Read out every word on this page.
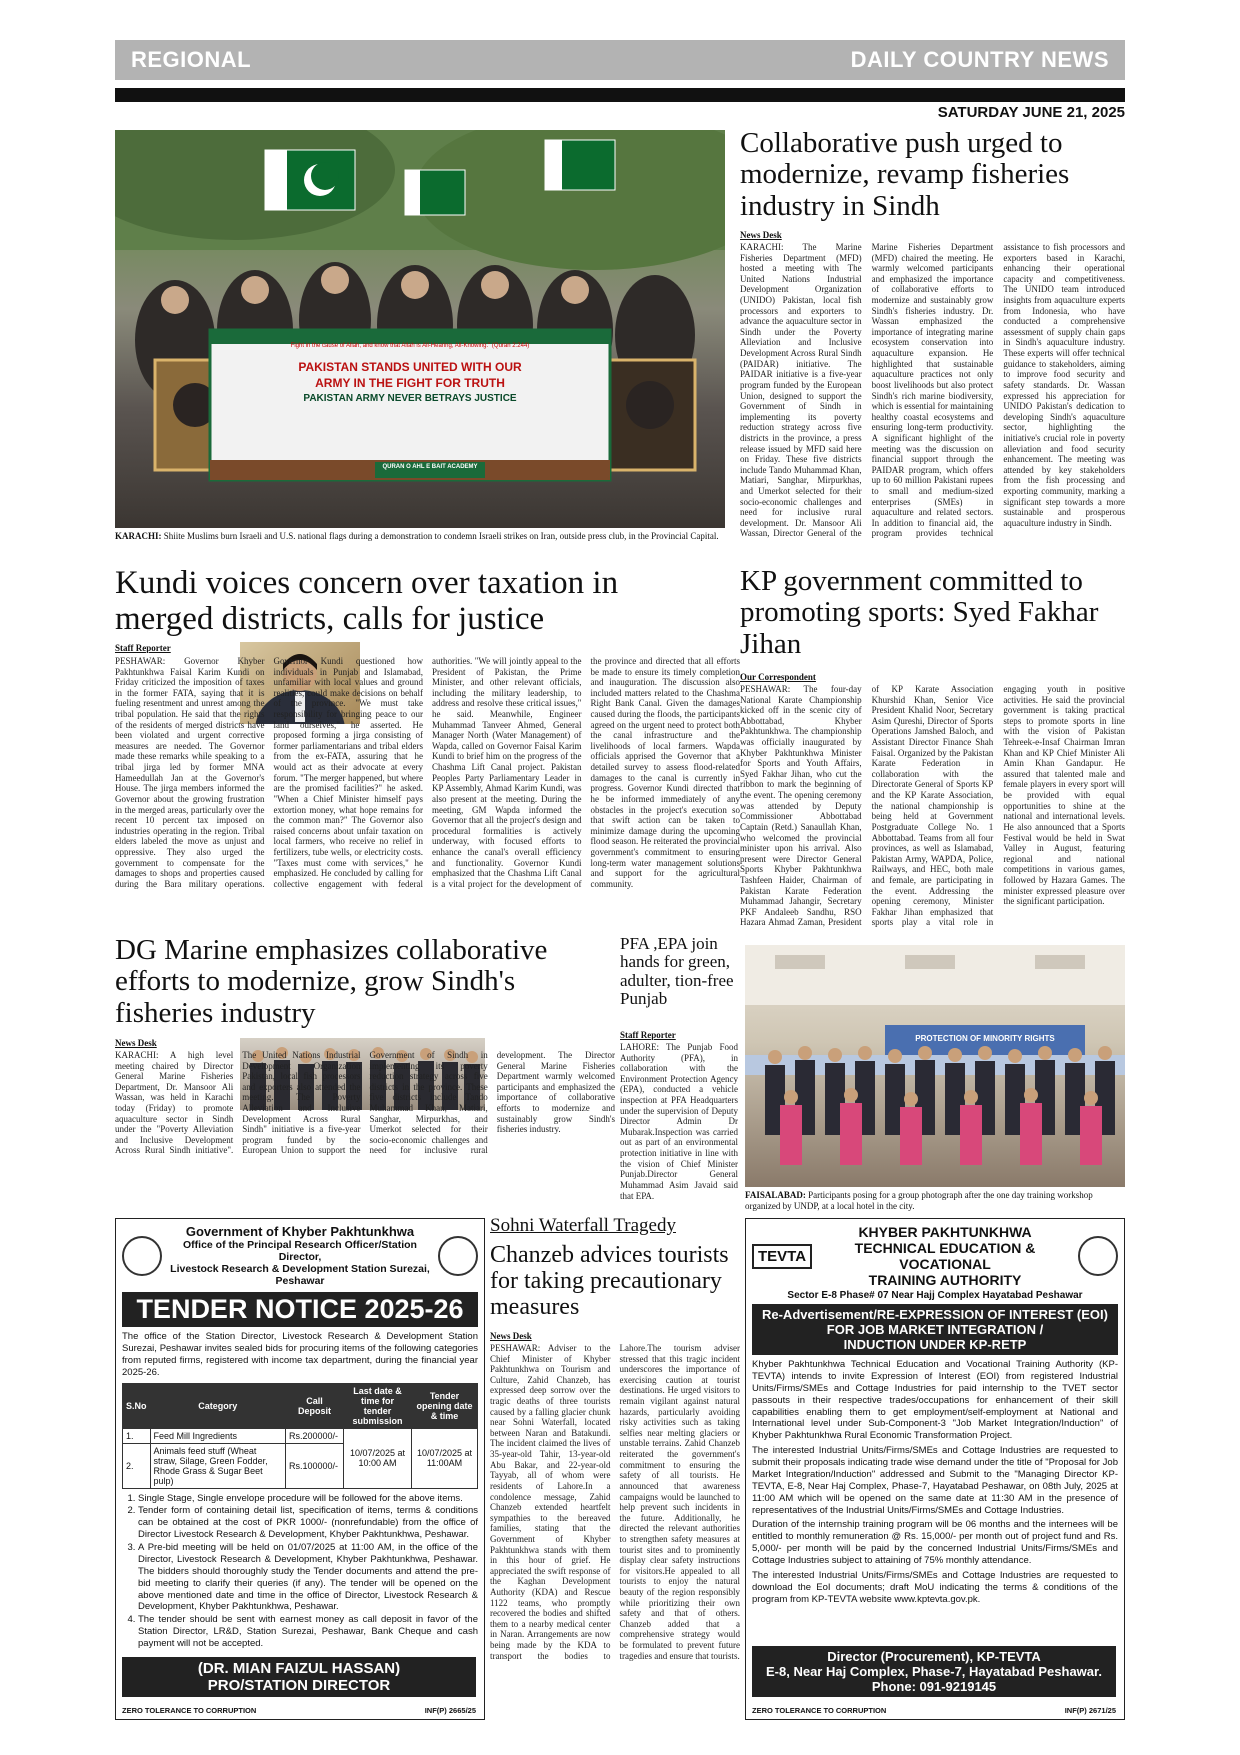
REGIONAL	DAILY COUNTRY NEWS
SATURDAY JUNE 21, 2025
Fight in the cause of Allah, and know that Allah is All-Hearing, All-Knowing." (Quran 2:244)
PAKISTAN STANDS UNITED WITH OUR
ARMY IN THE FIGHT FOR TRUTH
PAKISTAN ARMY NEVER BETRAYS JUSTICE
QURAN O AHL E BAIT ACADEMY
KARACHI: Shiite Muslims burn Israeli and U.S. national flags during a demonstration to condemn Israeli strikes on Iran, outside press club, in the Provincial Capital.
Collaborative push urged to modernize, revamp fisheries industry in Sindh
News Desk
KARACHI: The Marine Fisheries Department (MFD) hosted a meeting with The United Nations Industrial Development Organization (UNIDO) Pakistan, local fish processors and exporters to advance the aquaculture sector in Sindh under the Poverty Alleviation and Inclusive Development Across Rural Sindh (PAIDAR) initiative. The PAIDAR initiative is a five-year program funded by the European Union, designed to support the Government of Sindh in implementing its poverty reduction strategy across five districts in the province, a press release issued by MFD said here on Friday. These five districts include Tando Muhammad Khan, Matiari, Sanghar, Mirpurkhas, and Umerkot selected for their socio-economic challenges and need for inclusive rural development. Dr. Mansoor Ali Wassan, Director General of the Marine Fisheries Department (MFD) chaired the meeting. He warmly welcomed participants and emphasized the importance of collaborative efforts to modernize and sustainably grow Sindh's fisheries industry. Dr. Wassan emphasized the importance of integrating marine ecosystem conservation into aquaculture expansion. He highlighted that sustainable aquaculture practices not only boost livelihoods but also protect Sindh's rich marine biodiversity, which is essential for maintaining healthy coastal ecosystems and ensuring long-term productivity. A significant highlight of the meeting was the discussion on financial support through the PAIDAR program, which offers up to 60 million Pakistani rupees to small and medium-sized enterprises (SMEs) in aquaculture and related sectors. In addition to financial aid, the program provides technical assistance to fish processors and exporters based in Karachi, enhancing their operational capacity and competitiveness. The UNIDO team introduced insights from aquaculture experts from Indonesia, who have conducted a comprehensive assessment of supply chain gaps in Sindh's aquaculture industry. These experts will offer technical guidance to stakeholders, aiming to improve food security and safety standards. Dr. Wassan expressed his appreciation for UNIDO Pakistan's dedication to developing Sindh's aquaculture sector, highlighting the initiative's crucial role in poverty alleviation and food security enhancement. The meeting was attended by key stakeholders from the fish processing and exporting community, marking a significant step towards a more sustainable and prosperous aquaculture industry in Sindh.
Kundi voices concern over taxation in merged districts, calls for justice
Staff Reporter
PESHAWAR: Governor Khyber Pakhtunkhwa Faisal Karim Kundi on Friday criticized the imposition of taxes in the former FATA, saying that it is fueling resentment and unrest among the tribal population. He said that the rights of the residents of merged districts have been violated and urgent corrective measures are needed. The Governor made these remarks while speaking to a tribal jirga led by former MNA Hameedullah Jan at the Governor's House. The jirga members informed the Governor about the growing frustration in the merged areas, particularly over the recent 10 percent tax imposed on industries operating in the region. Tribal elders labeled the move as unjust and oppressive. They also urged the government to compensate for the damages to shops and properties caused during the Bara military operations. Governor Kundi questioned how individuals in Punjab and Islamabad, unfamiliar with local values and ground realities, could make decisions on behalf of the province. "We must take responsibility for bringing peace to our land ourselves," he asserted. He proposed forming a jirga consisting of former parliamentarians and tribal elders from the ex-FATA, assuring that he would act as their advocate at every forum. "The merger happened, but where are the promised facilities?" he asked. "When a Chief Minister himself pays extortion money, what hope remains for the common man?" The Governor also raised concerns about unfair taxation on local farmers, who receive no relief in fertilizers, tube wells, or electricity costs. "Taxes must come with services," he emphasized. He concluded by calling for collective engagement with federal authorities. "We will jointly appeal to the President of Pakistan, the Prime Minister, and other relevant officials, including the military leadership, to address and resolve these critical issues," he said. Meanwhile, Engineer Muhammad Tanveer Ahmed, General Manager North (Water Management) of Wapda, called on Governor Faisal Karim Kundi to brief him on the progress of the Chashma Lift Canal project. Pakistan Peoples Party Parliamentary Leader in KP Assembly, Ahmad Karim Kundi, was also present at the meeting. During the meeting, GM Wapda informed the Governor that all the project's design and procedural formalities is actively underway, with focused efforts to enhance the canal's overall efficiency and functionality. Governor Kundi emphasized that the Chashma Lift Canal is a vital project for the development of the province and directed that all efforts be made to ensure its timely completion and inauguration. The discussion also included matters related to the Chashma Right Bank Canal. Given the damages caused during the floods, the participants agreed on the urgent need to protect both the canal infrastructure and the livelihoods of local farmers. Wapda officials apprised the Governor that a detailed survey to assess flood-related damages to the canal is currently in progress. Governor Kundi directed that he be informed immediately of any obstacles in the project's execution so that swift action can be taken to minimize damage during the upcoming flood season. He reiterated the provincial government's commitment to ensuring long-term water management solutions and support for the agricultural community.
KP government committed to promoting sports: Syed Fakhar Jihan
Our Correspondent
PESHAWAR: The four-day National Karate Championship kicked off in the scenic city of Abbottabad, Khyber Pakhtunkhwa. The championship was officially inaugurated by Khyber Pakhtunkhwa Minister for Sports and Youth Affairs, Syed Fakhar Jihan, who cut the ribbon to mark the beginning of the event. The opening ceremony was attended by Deputy Commissioner Abbottabad Captain (Retd.) Sanaullah Khan, who welcomed the provincial minister upon his arrival. Also present were Director General Sports Khyber Pakhtunkhwa Tashfeen Haider, Chairman of Pakistan Karate Federation Muhammad Jahangir, Secretary PKF Andaleeb Sandhu, RSO Hazara Ahmad Zaman, President of KP Karate Association Khurshid Khan, Senior Vice President Khalid Noor, Secretary Asim Qureshi, Director of Sports Operations Jamshed Baloch, and Assistant Director Finance Shah Faisal. Organized by the Pakistan Karate Federation in collaboration with the Directorate General of Sports KP and the KP Karate Association, the national championship is being held at Government Postgraduate College No. 1 Abbottabad. Teams from all four provinces, as well as Islamabad, Pakistan Army, WAPDA, Police, Railways, and HEC, both male and female, are participating in the event. Addressing the opening ceremony, Minister Fakhar Jihan emphasized that sports play a vital role in engaging youth in positive activities. He said the provincial government is taking practical steps to promote sports in line with the vision of Pakistan Tehreek-e-Insaf Chairman Imran Khan and KP Chief Minister Ali Amin Khan Gandapur. He assured that talented male and female players in every sport will be provided with equal opportunities to shine at the national and international levels. He also announced that a Sports Festival would be held in Swat Valley in August, featuring regional and national competitions in various games, followed by Hazara Games. The minister expressed pleasure over the significant participation.
DG Marine emphasizes collaborative efforts to modernize, grow Sindh's fisheries industry
News Desk
KARACHI: A high level meeting chaired by Director General Marine Fisheries Department, Dr. Mansoor Ali Wassan, was held in Karachi today (Friday) to promote aquaculture sector in Sindh under the "Poverty Alleviation and Inclusive Development Across Rural Sindh initiative". The United Nations Industrial Development Organization Pakistan, local fish processors and exporters also attended the meeting. The Poverty Alleviation and Inclusive Development Across Rural Sindh" initiative is a five-year program funded by the European Union to support the Government of Sindh in implementing its poverty reduction strategy across five districts in the province. These five districts include Tando Muhammad Khan, Matiari, Sanghar, Mirpurkhas, and Umerkot selected for their socio-economic challenges and need for inclusive rural development. The Director General Marine Fisheries Department warmly welcomed participants and emphasized the importance of collaborative efforts to modernize and sustainably grow Sindh's fisheries industry.
PFA ,EPA join hands for green, adulter, tion-free Punjab
Staff Reporter
LAHORE: The Punjab Food Authority (PFA), in collaboration with the Environment Protection Agency (EPA), conducted a vehicle inspection at PFA Headquarters under the supervision of Deputy Director Admin Dr Mubarak.Inspection was carried out as part of an environmental protection initiative in line with the vision of Chief Minister Punjab.Director General Muhammad Asim Javaid said that EPA.
PROTECTION OF MINORITY RIGHTS
FAISALABAD: Participants posing for a group photograph after the one day training workshop organized by UNDP, at a local hotel in the city.
Government of Khyber Pakhtunkhwa
Office of the Principal Research Officer/Station Director,
Livestock Research & Development Station Surezai, Peshawar
TENDER NOTICE 2025-26
The office of the Station Director, Livestock Research & Development Station Surezai, Peshawar invites sealed bids for procuring items of the following categories from reputed firms, registered with income tax department, during the financial year 2025-26.
S.No	Category	Call Deposit	Last date & time for tender submission	Tender opening date & time
1.	Feed Mill Ingredients	Rs.200000/-	10/07/2025 at 10:00 AM	10/07/2025 at 11:00AM
2.	Animals feed stuff (Wheat straw, Silage, Green Fodder, Rhode Grass & Sugar Beet pulp)	Rs.100000/-		
1. Single Stage, Single envelope procedure will be followed for the above items.
2. Tender form of containing detail list, specification of items, terms & conditions can be obtained at the cost of PKR 1000/- (nonrefundable) from the office of Director Livestock Research & Development, Khyber Pakhtunkhwa, Peshawar.
3. A Pre-bid meeting will be held on 01/07/2025 at 11:00 AM, in the office of the Director, Livestock Research & Development, Khyber Pakhtunkhwa, Peshawar. The bidders should thoroughly study the Tender documents and attend the pre-bid meeting to clarify their queries (if any). The tender will be opened on the above mentioned date and time in the office of Director, Livestock Research & Development, Khyber Pakhtunkhwa, Peshawar.
4. The tender should be sent with earnest money as call deposit in favor of the Station Director, LR&D, Station Surezai, Peshawar, Bank Cheque and cash payment will not be accepted.
(DR. MIAN FAIZUL HASSAN)
PRO/STATION DIRECTOR
ZERO TOLERANCE TO CORRUPTION	INF(P) 2665/25
Sohni Waterfall Tragedy
Chanzeb advices tourists for taking precautionary measures
News Desk
PESHAWAR: Adviser to the Chief Minister of Khyber Pakhtunkhwa on Tourism and Culture, Zahid Chanzeb, has expressed deep sorrow over the tragic deaths of three tourists caused by a falling glacier chunk near Sohni Waterfall, located between Naran and Batakundi. The incident claimed the lives of 35-year-old Tahir, 13-year-old Abu Bakar, and 22-year-old Tayyab, all of whom were residents of Lahore.In a condolence message, Zahid Chanzeb extended heartfelt sympathies to the bereaved families, stating that the Government of Khyber Pakhtunkhwa stands with them in this hour of grief. He appreciated the swift response of the Kaghan Development Authority (KDA) and Rescue 1122 teams, who promptly recovered the bodies and shifted them to a nearby medical center in Naran. Arrangements are now being made by the KDA to transport the bodies to Lahore.The tourism adviser stressed that this tragic incident underscores the importance of exercising caution at tourist destinations. He urged visitors to remain vigilant against natural hazards, particularly avoiding risky activities such as taking selfies near melting glaciers or unstable terrains. Zahid Chanzeb reiterated the government's commitment to ensuring the safety of all tourists. He announced that awareness campaigns would be launched to help prevent such incidents in the future. Additionally, he directed the relevant authorities to strengthen safety measures at tourist sites and to prominently display clear safety instructions for visitors.He appealed to all tourists to enjoy the natural beauty of the region responsibly while prioritizing their own safety and that of others. Chanzeb added that a comprehensive strategy would be formulated to prevent future tragedies and ensure that tourists.
TEVTA
KHYBER PAKHTUNKHWA
TECHNICAL EDUCATION & VOCATIONAL
TRAINING AUTHORITY
Sector E-8 Phase# 07 Near Hajj Complex Hayatabad Peshawar
Re-Advertisement/RE-EXPRESSION OF INTEREST (EOI)
FOR JOB MARKET INTEGRATION /
INDUCTION UNDER KP-RETP
Khyber Pakhtunkhwa Technical Education and Vocational Training Authority (KP-TEVTA) intends to invite Expression of Interest (EOI) from registered Industrial Units/Firms/SMEs and Cottage Industries for paid internship to the TVET sector passouts in their respective trades/occupations for enhancement of their skill capabilities enabling them to get employment/self-employment at National and International level under Sub-Component-3 "Job Market Integration/Induction" of Khyber Pakhtunkhwa Rural Economic Transformation Project.
The interested Industrial Units/Firms/SMEs and Cottage Industries are requested to submit their proposals indicating trade wise demand under the title of "Proposal for Job Market Integration/Induction" addressed and Submit to the "Managing Director KP-TEVTA, E-8, Near Haj Complex, Phase-7, Hayatabad Peshawar, on 08th July, 2025 at 11:00 AM which will be opened on the same date at 11:30 AM in the presence of representatives of the Industrial Units/Firms/SMEs and Cottage Industries.
Duration of the internship training program will be 06 months and the internees will be entitled to monthly remuneration @ Rs. 15,000/- per month out of project fund and Rs. 5,000/- per month will be paid by the concerned Industrial Units/Firms/SMEs and Cottage Industries subject to attaining of 75% monthly attendance.
The interested Industrial Units/Firms/SMEs and Cottage Industries are requested to download the EoI documents; draft MoU indicating the terms & conditions of the program from KP-TEVTA website www.kptevta.gov.pk.
Director (Procurement), KP-TEVTA
E-8, Near Haj Complex, Phase-7, Hayatabad Peshawar.
Phone: 091-9219145
ZERO TOLERANCE TO CORRUPTION	INF(P) 2671/25
